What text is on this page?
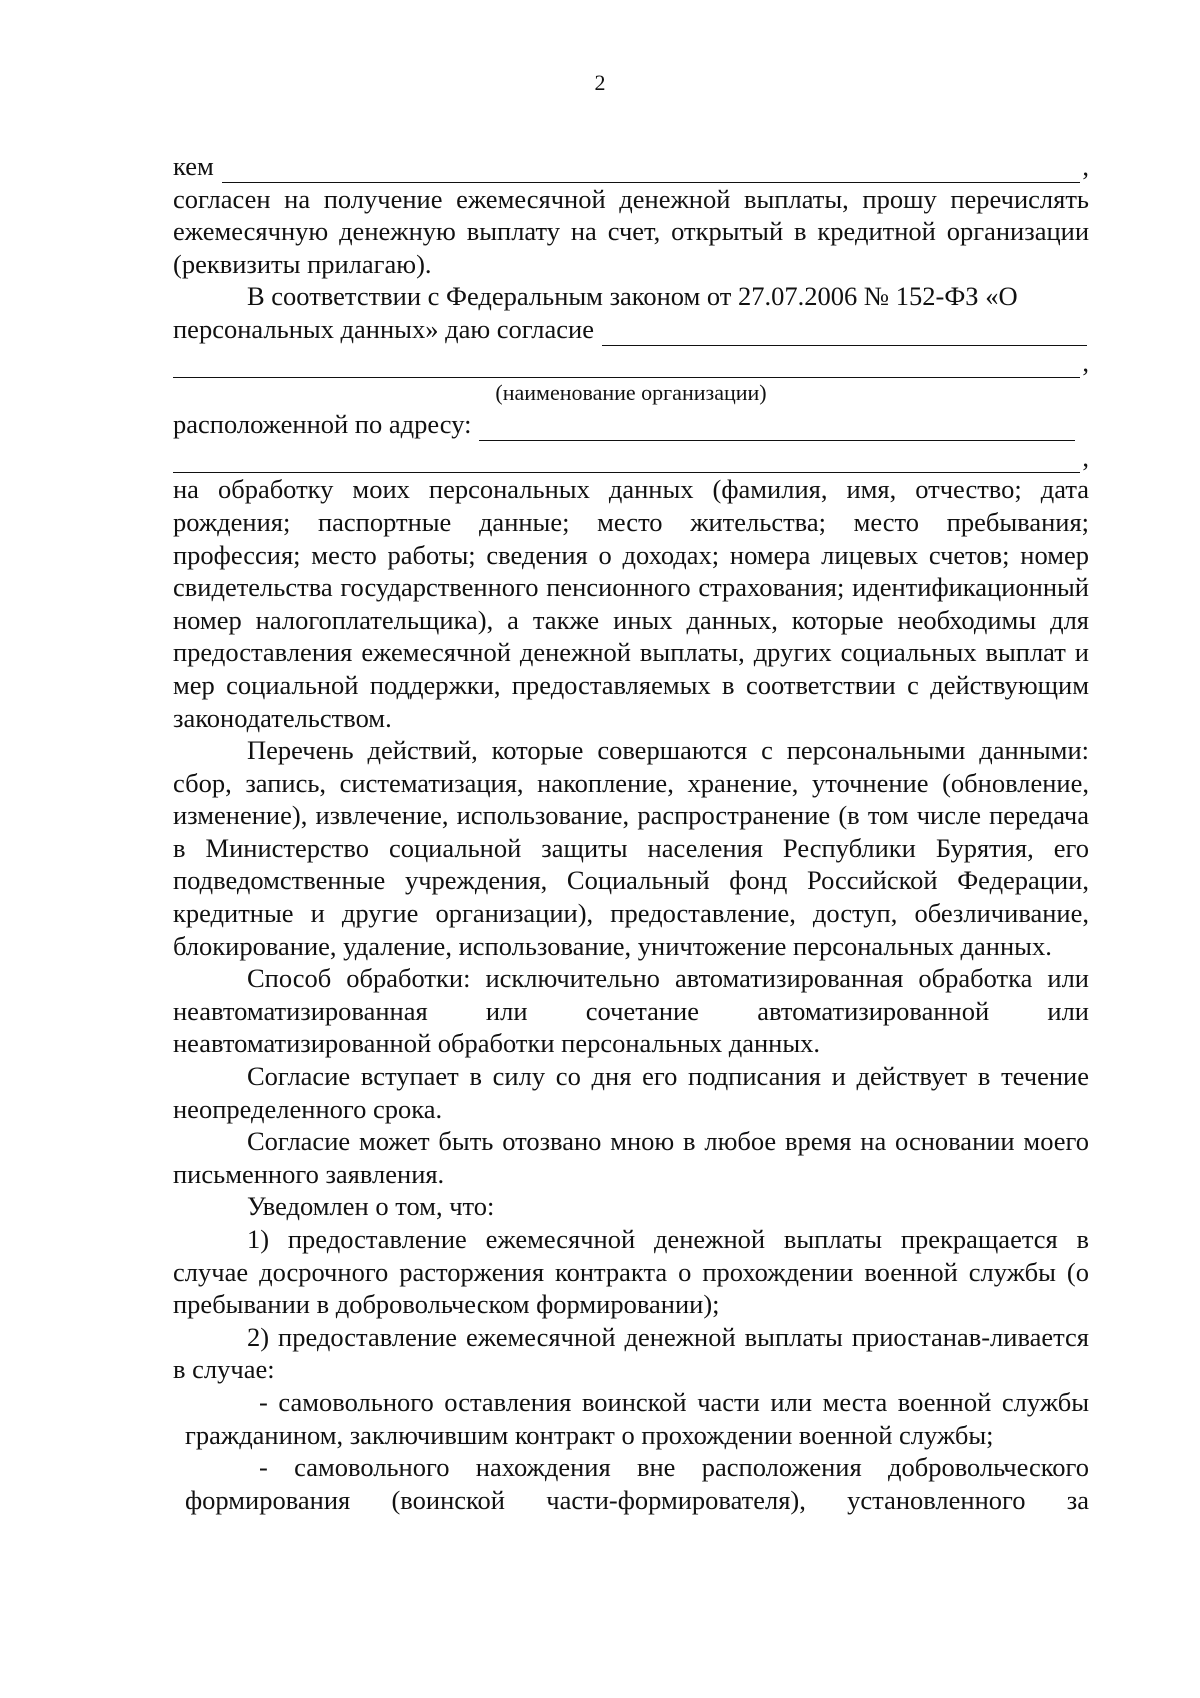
2
кем	,

согласен на получение ежемесячной денежной выплаты, прошу перечислять ежемесячную денежную выплату на счет, открытый в кредитной организации (реквизиты прилагаю).

В соответствии с Федеральным законом от 27.07.2006 № 152-ФЗ «О

персональных данных» даю согласие
,
(наименование организации)
расположенной по адресу:
,

на обработку моих персональных данных (фамилия, имя, отчество; дата рождения; паспортные данные; место жительства; место пребывания; профессия; место работы; сведения о доходах; номера лицевых счетов; номер свидетельства государственного пенсионного страхования; идентификационный номер налогоплательщика), а также иных данных, которые необходимы для предоставления ежемесячной денежной выплаты, других социальных выплат и мер социальной поддержки, предоставляемых в соответствии с действующим законодательством.

Перечень действий, которые совершаются с персональными данными: сбор, запись, систематизация, накопление, хранение, уточнение (обновление, изменение), извлечение, использование, распространение (в том числе передача в Министерство социальной защиты населения Республики Бурятия, его подведомственные учреждения, Социальный фонд Российской Федерации, кредитные и другие организации), предоставление, доступ, обезличивание, блокирование, удаление, использование, уничтожение персональных данных.

Способ обработки: исключительно автоматизированная обработка или неавтоматизированная или сочетание автоматизированной или неавтоматизированной обработки персональных данных.

Согласие вступает в силу со дня его подписания и действует в течение неопределенного срока.

Согласие может быть отозвано мною в любое время на основании моего письменного заявления.

Уведомлен о том, что:

1) предоставление ежемесячной денежной выплаты прекращается в случае досрочного расторжения контракта о прохождении военной службы (о пребывании в добровольческом формировании);

2) предоставление ежемесячной денежной выплаты приостанав-ливается в случае:

- самовольного оставления воинской части или места военной службы гражданином, заключившим контракт о прохождении военной службы;

- самовольного нахождения вне расположения добровольческого формирования (воинской части-формирователя), установленного за
